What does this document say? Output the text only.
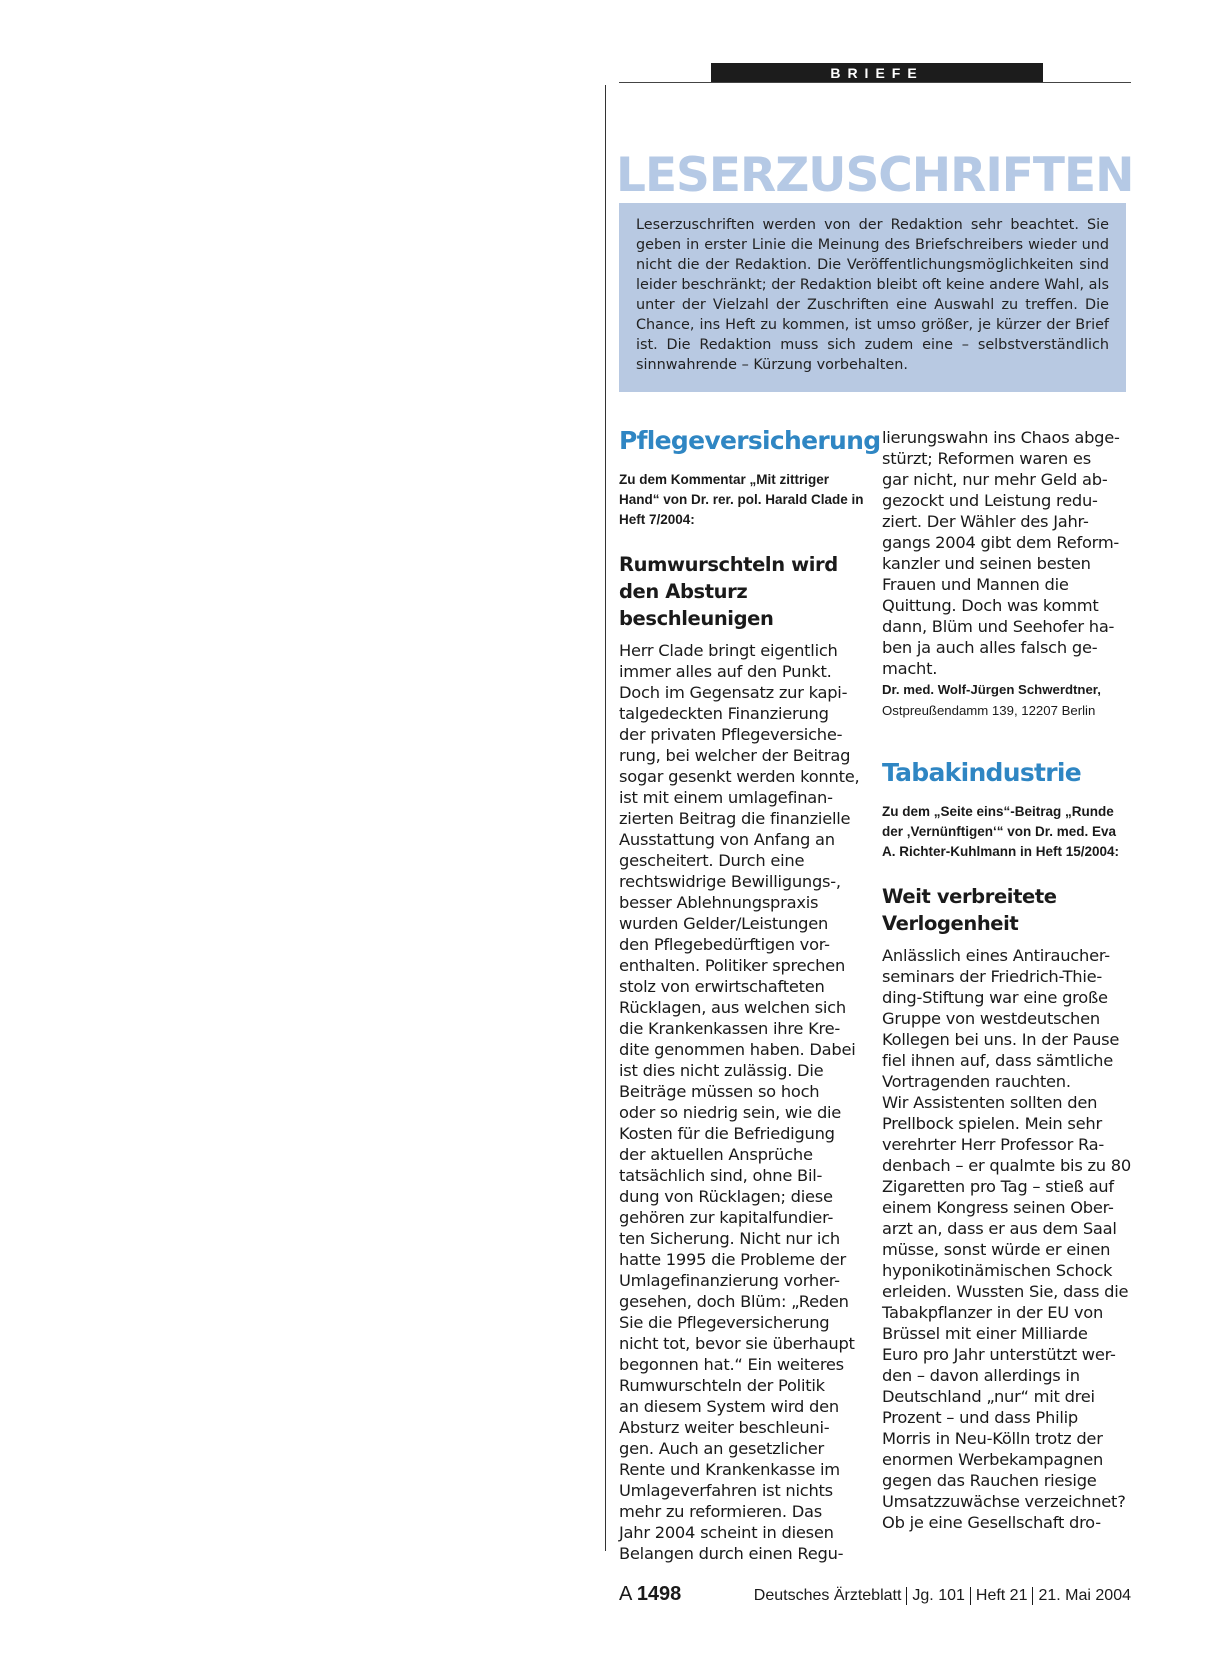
BRIEFE
LESERZUSCHRIFTEN
Leserzuschriften werden von der Redaktion sehr beachtet. Sie geben in erster Linie die Meinung des Briefschreibers wieder und nicht die der Redaktion. Die Veröffentlichungsmöglichkeiten sind leider beschränkt; der Redaktion bleibt oft keine andere Wahl, als unter der Vielzahl der Zuschriften eine Auswahl zu treffen. Die Chance, ins Heft zu kommen, ist umso größer, je kürzer der Brief ist. Die Redaktion muss sich zudem eine – selbstverständlich sinnwahrende – Kürzung vorbehalten.
Pflegeversicherung
Zu dem Kommentar „Mit zittriger Hand“ von Dr. rer. pol. Harald Clade in Heft 7/2004:
Rumwurschteln wird den Absturz beschleunigen

Herr Clade bringt eigentlich
immer alles auf den Punkt.
Doch im Gegensatz zur kapi-
talgedeckten Finanzierung
der privaten Pflegeversiche-
rung, bei welcher der Beitrag
sogar gesenkt werden konnte,
ist mit einem umlagefinan-
zierten Beitrag die finanzielle
Ausstattung von Anfang an
gescheitert. Durch eine
rechtswidrige Bewilligungs-,
besser Ablehnungspraxis
wurden Gelder/Leistungen
den Pflegebedürftigen vor-
enthalten. Politiker sprechen
stolz von erwirtschafteten
Rücklagen, aus welchen sich
die Krankenkassen ihre Kre-
dite genommen haben. Dabei
ist dies nicht zulässig. Die
Beiträge müssen so hoch
oder so niedrig sein, wie die
Kosten für die Befriedigung
der aktuellen Ansprüche
tatsächlich sind, ohne Bil-
dung von Rücklagen; diese
gehören zur kapitalfundier-
ten Sicherung. Nicht nur ich
hatte 1995 die Probleme der
Umlagefinanzierung vorher-
gesehen, doch Blüm: „Reden
Sie die Pflegeversicherung
nicht tot, bevor sie überhaupt
begonnen hat.“ Ein weiteres
Rumwurschteln der Politik
an diesem System wird den
Absturz weiter beschleuni-
gen. Auch an gesetzlicher
Rente und Krankenkasse im
Umlageverfahren ist nichts
mehr zu reformieren. Das
Jahr 2004 scheint in diesen
Belangen durch einen Regu-

lierungswahn ins Chaos abge-
stürzt; Reformen waren es
gar nicht, nur mehr Geld ab-
gezockt und Leistung redu-
ziert. Der Wähler des Jahr-
gangs 2004 gibt dem Reform-
kanzler und seinen besten
Frauen und Mannen die
Quittung. Doch was kommt
dann, Blüm und Seehofer ha-
ben ja auch alles falsch ge-
macht.

Dr. med. Wolf-Jürgen Schwerdtner,
Ostpreußendamm 139, 12207 Berlin
Tabakindustrie
Zu dem „Seite eins“-Beitrag „Runde der ‚Vernünftigen‘“ von Dr. med. Eva A. Richter-Kuhlmann in Heft 15/2004:
Weit verbreitete Verlogenheit

Anlässlich eines Antiraucher-
seminars der Friedrich-Thie-
ding-Stiftung war eine große
Gruppe von westdeutschen
Kollegen bei uns. In der Pause
fiel ihnen auf, dass sämtliche
Vortragenden rauchten.
Wir Assistenten sollten den
Prellbock spielen. Mein sehr
verehrter Herr Professor Ra-
denbach – er qualmte bis zu 80
Zigaretten pro Tag – stieß auf
einem Kongress seinen Ober-
arzt an, dass er aus dem Saal
müsse, sonst würde er einen
hyponikotinämischen Schock
erleiden. Wussten Sie, dass die
Tabakpflanzer in der EU von
Brüssel mit einer Milliarde
Euro pro Jahr unterstützt wer-
den – davon allerdings in
Deutschland „nur“ mit drei
Prozent – und dass Philip
Morris in Neu-Kölln trotz der
enormen Werbekampagnen
gegen das Rauchen riesige
Umsatzzuwächse verzeichnet?
Ob je eine Gesellschaft dro-

A 1498	Deutsches Ärzteblatt Jg. 101 Heft 21 21. Mai 2004
